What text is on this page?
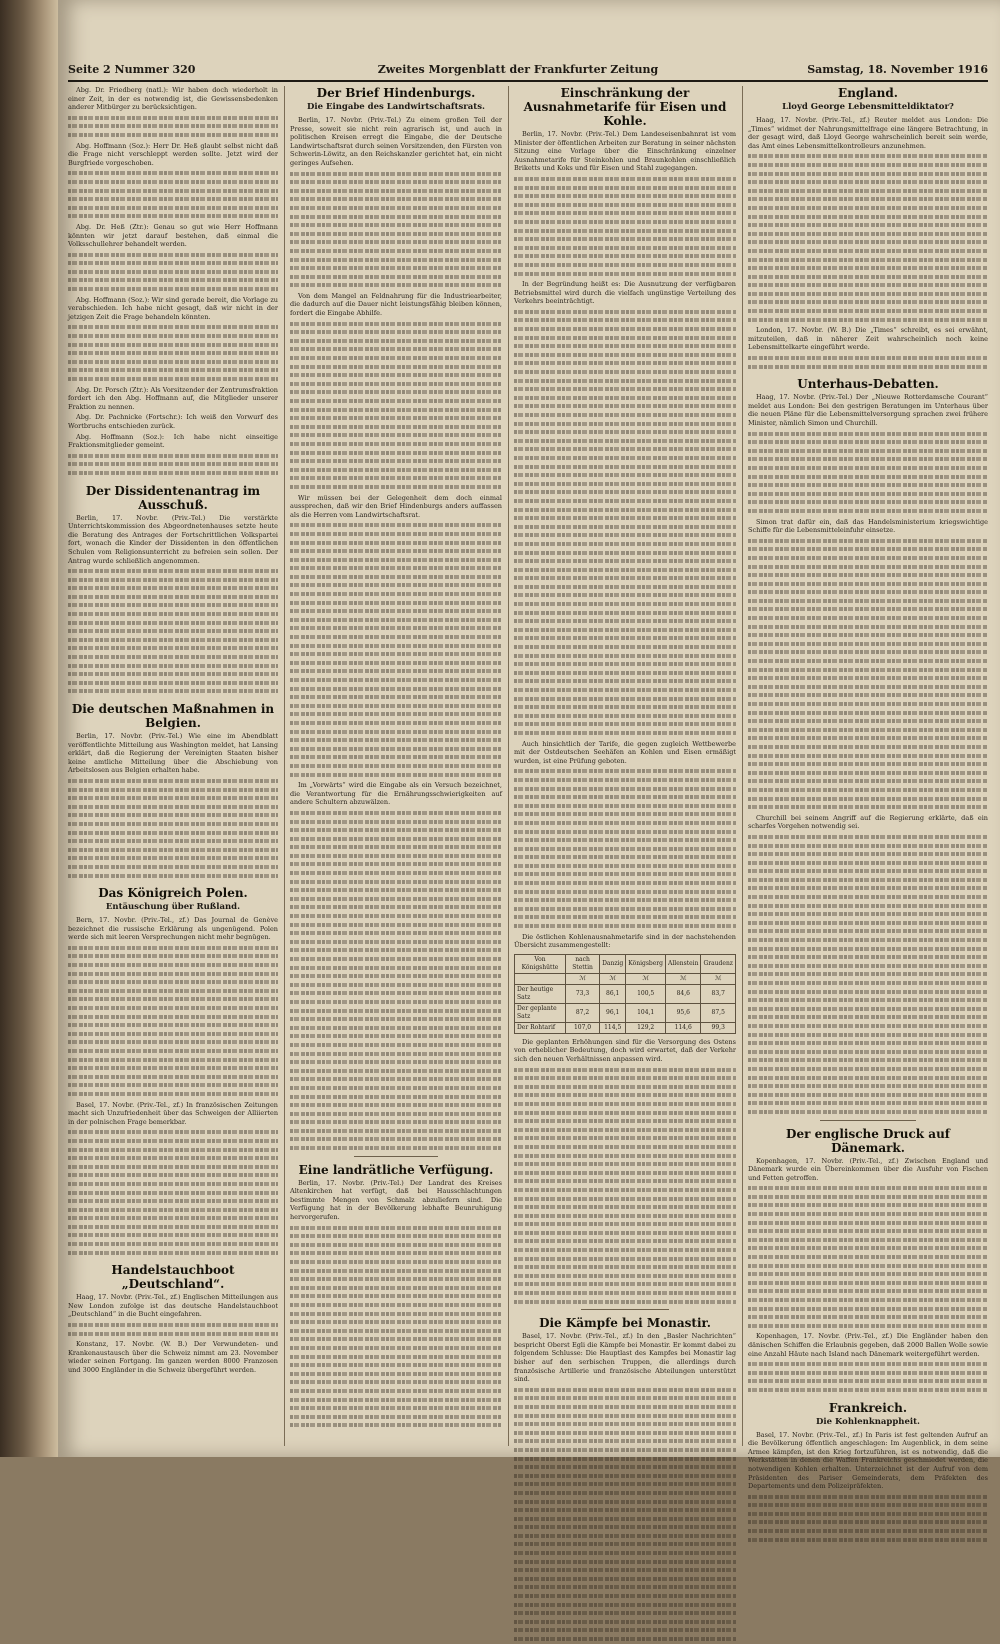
Seite 2 Nummer 320	Zweites Morgenblatt der Frankfurter Zeitung	Samstag, 18. November 1916

Abg. Dr. Friedberg (natl.): Wir haben doch wiederholt in einer Zeit, in der es notwendig ist, die Gewissensbedenken anderer Mitbürger zu berücksichtigen.

Abg. Hoffmann (Soz.): Herr Dr. Heß glaubt selbst nicht daß die Frage nicht verschleppt werden sollte. Jetzt wird der Burgfriede vorgeschoben.

Abg. Dr. Heß (Ztr.): Genau so gut wie Herr Hoffmann könnten wir jetzt darauf bestehen, daß einmal die Volksschullehrer behandelt werden.

Abg. Hoffmann (Soz.): Wir sind gerade bereit, die Vorlage zu verabschieden. Ich habe nicht gesagt, daß wir nicht in der jetzigen Zeit die Frage behandeln könnten.

Abg. Dr. Porsch (Ztr.): Als Vorsitzender der Zentrumsfraktion fordert ich den Abg. Hoffmann auf, die Mitglieder unserer Fraktion zu nennen.

Abg. Dr. Pachnicke (Fortschr.): Ich weiß den Vorwurf des Wortbruchs entschieden zurück.

Abg. Hoffmann (Soz.): Ich habe nicht einseitige Fraktionsmitglieder gemeint.

Der Dissidentenantrag im Ausschuß.

Berlin, 17. Novbr. (Priv.-Tel.) Die verstärkte Unterrichtskommission des Abgeordnetenhauses setzte heute die Beratung des Antrages der Fortschrittlichen Volkspartei fort, wonach die Kinder der Dissidenten in den öffentlichen Schulen vom Religionsunterricht zu befreien sein sollen. Der Antrag wurde schließlich angenommen.

Die deutschen Maßnahmen in Belgien.

Berlin, 17. Novbr. (Priv.-Tel.) Wie eine im Abendblatt veröffentlichte Mitteilung aus Washington meldet, hat Lansing erklärt, daß die Regierung der Vereinigten Staaten bisher keine amtliche Mitteilung über die Abschiebung von Arbeitslosen aus Belgien erhalten habe.

Das Königreich Polen.
Entäuschung über Rußland.

Bern, 17. Novbr. (Priv.-Tel., zf.) Das Journal de Genève bezeichnet die russische Erklärung als ungenügend. Polen werde sich mit leeren Versprechungen nicht mehr begnügen.

Basel, 17. Novbr. (Priv.-Tel., zf.) In französischen Zeitungen macht sich Unzufriedenheit über das Schweigen der Alliierten in der polnischen Frage bemerkbar.

Handelstauchboot „Deutschland“.

Haag, 17. Novbr. (Priv.-Tel., zf.) Englischen Mitteilungen aus New London zufolge ist das deutsche Handelstauchboot „Deutschland“ in die Bucht eingefahren.

Konstanz, 17. Novbr. (W. B.) Der Verwundeten- und Krankenaustausch über die Schweiz nimmt am 23. November wieder seinen Fortgang. Im ganzen werden 8000 Franzosen und 3000 Engländer in die Schweiz übergeführt werden.

Der Brief Hindenburgs.
Die Eingabe des Landwirtschaftsrats.

Berlin, 17. Novbr. (Priv.-Tel.) Zu einem großen Teil der Presse, soweit sie nicht rein agrarisch ist, und auch in politischen Kreisen erregt die Eingabe, die der Deutsche Landwirtschaftsrat durch seinen Vorsitzenden, den Fürsten von Schwerin-Löwitz, an den Reichskanzler gerichtet hat, ein nicht geringes Aufsehen.

Von dem Mangel an Feldnahrung für die Industriearbeiter, die dadurch auf die Dauer nicht leistungsfähig bleiben können, fordert die Eingabe Abhilfe.

Wir müssen bei der Gelegenheit dem doch einmal aussprechen, daß wir den Brief Hindenburgs anders auffassen als die Herren vom Landwirtschaftsrat.

Im „Vorwärts“ wird die Eingabe als ein Versuch bezeichnet, die Verantwortung für die Ernährungsschwierigkeiten auf andere Schultern abzuwälzen.

Eine landrätliche Verfügung.

Berlin, 17. Novbr. (Priv.-Tel.) Der Landrat des Kreises Altenkirchen hat verfügt, daß bei Hausschlachtungen bestimmte Mengen von Schmalz abzuliefern sind. Die Verfügung hat in der Bevölkerung lebhafte Beunruhigung hervorgerufen.

Einschränkung der Ausnahmetarife für Eisen und Kohle.

Berlin, 17. Novbr. (Priv.-Tel.) Dem Landeseisenbahnrat ist vom Minister der öffentlichen Arbeiten zur Beratung in seiner nächsten Sitzung eine Vorlage über die Einschränkung einzelner Ausnahmetarife für Steinkohlen und Braunkohlen einschließlich Briketts und Koks und für Eisen und Stahl zugegangen.

In der Begründung heißt es: Die Ausnutzung der verfügbaren Betriebsmittel wird durch die vielfach ungünstige Verteilung des Verkehrs beeinträchtigt.

Auch hinsichtlich der Tarife, die gegen zugleich Wettbewerbe mit der Ostdeutschen Seehäfen an Kohlen und Eisen ermäßigt wurden, ist eine Prüfung geboten.

Die östlichen Kohlenausnahmetarife sind in der nachstehenden Übersicht zusammengestellt:

Von Königshütte	nach Stettin	Danzig	Königsberg	Allenstein	Graudenz
	ℳ	ℳ	ℳ	ℳ	ℳ
Der heutige Satz	73,3	86,1	100,5	84,6	83,7
Der geplante Satz	87,2	96,1	104,1	95,6	87,5
Der Rohtarif	107,0	114,5	129,2	114,6	99,3

Die geplanten Erhöhungen sind für die Versorgung des Ostens von erheblicher Bedeutung, doch wird erwartet, daß der Verkehr sich den neuen Verhältnissen anpassen wird.

Die Kämpfe bei Monastir.

Basel, 17. Novbr. (Priv.-Tel., zf.) In den „Basler Nachrichten“ bespricht Oberst Egli die Kämpfe bei Monastir. Er kommt dabei zu folgendem Schlusse: Die Hauptlast des Kampfes bei Monastir lag bisher auf den serbischen Truppen, die allerdings durch französische Artillerie und französische Abteilungen unterstützt sind.

England.
Lloyd George Lebensmitteldiktator?

Haag, 17. Novbr. (Priv.-Tel., zf.) Reuter meldet aus London: Die „Times“ widmet der Nahrungsmittelfrage eine längere Betrachtung, in der gesagt wird, daß Lloyd George wahrscheinlich bereit sein werde, das Amt eines Lebensmittelkontrolleurs anzunehmen.

London, 17. Novbr. (W. B.) Die „Times“ schreibt, es sei erwähnt, mitzuteilen, daß in näherer Zeit wahrscheinlich noch keine Lebensmittelkarte eingeführt werde.

Unterhaus-Debatten.

Haag, 17. Novbr. (Priv.-Tel.) Der „Nieuwe Rotterdamsche Courant“ meldet aus London: Bei den gestrigen Beratungen im Unterhaus über die neuen Pläne für die Lebensmittelversorgung sprachen zwei frühere Minister, nämlich Simon und Churchill.

Simon trat dafür ein, daß das Handelsministerium kriegswichtige Schiffe für die Lebensmitteleinfuhr einsetze.

Churchill bei seinem Angriff auf die Regierung erklärte, daß ein scharfes Vorgehen notwendig sei.

Der englische Druck auf Dänemark.

Kopenhagen, 17. Novbr. (Priv.-Tel., zf.) Zwischen England und Dänemark wurde ein Übereinkommen über die Ausfuhr von Fischen und Fetten getroffen.

Kopenhagen, 17. Novbr. (Priv.-Tel., zf.) Die Engländer haben den dänischen Schiffen die Erlaubnis gegeben, daß 2000 Ballen Wolle sowie eine Anzahl Häute nach Island nach Dänemark weitergeführt werden.

Frankreich.
Die Kohlenknappheit.

Basel, 17. Novbr. (Priv.-Tel., zf.) In Paris ist fest geltenden Aufruf an die Bevölkerung öffentlich angeschlagen: Im Augenblick, in dem seine Armee kämpfen, ist den Krieg fortzuführen, ist es notwendig, daß die Werkstätten in denen die Waffen Frankreichs geschmiedet werden, die notwendigen Kohlen erhalten. Unterzeichnet ist der Aufruf von dem Präsidenten des Pariser Gemeinderats, dem Präfekten des Departements und dem Polizeipräfekten.
